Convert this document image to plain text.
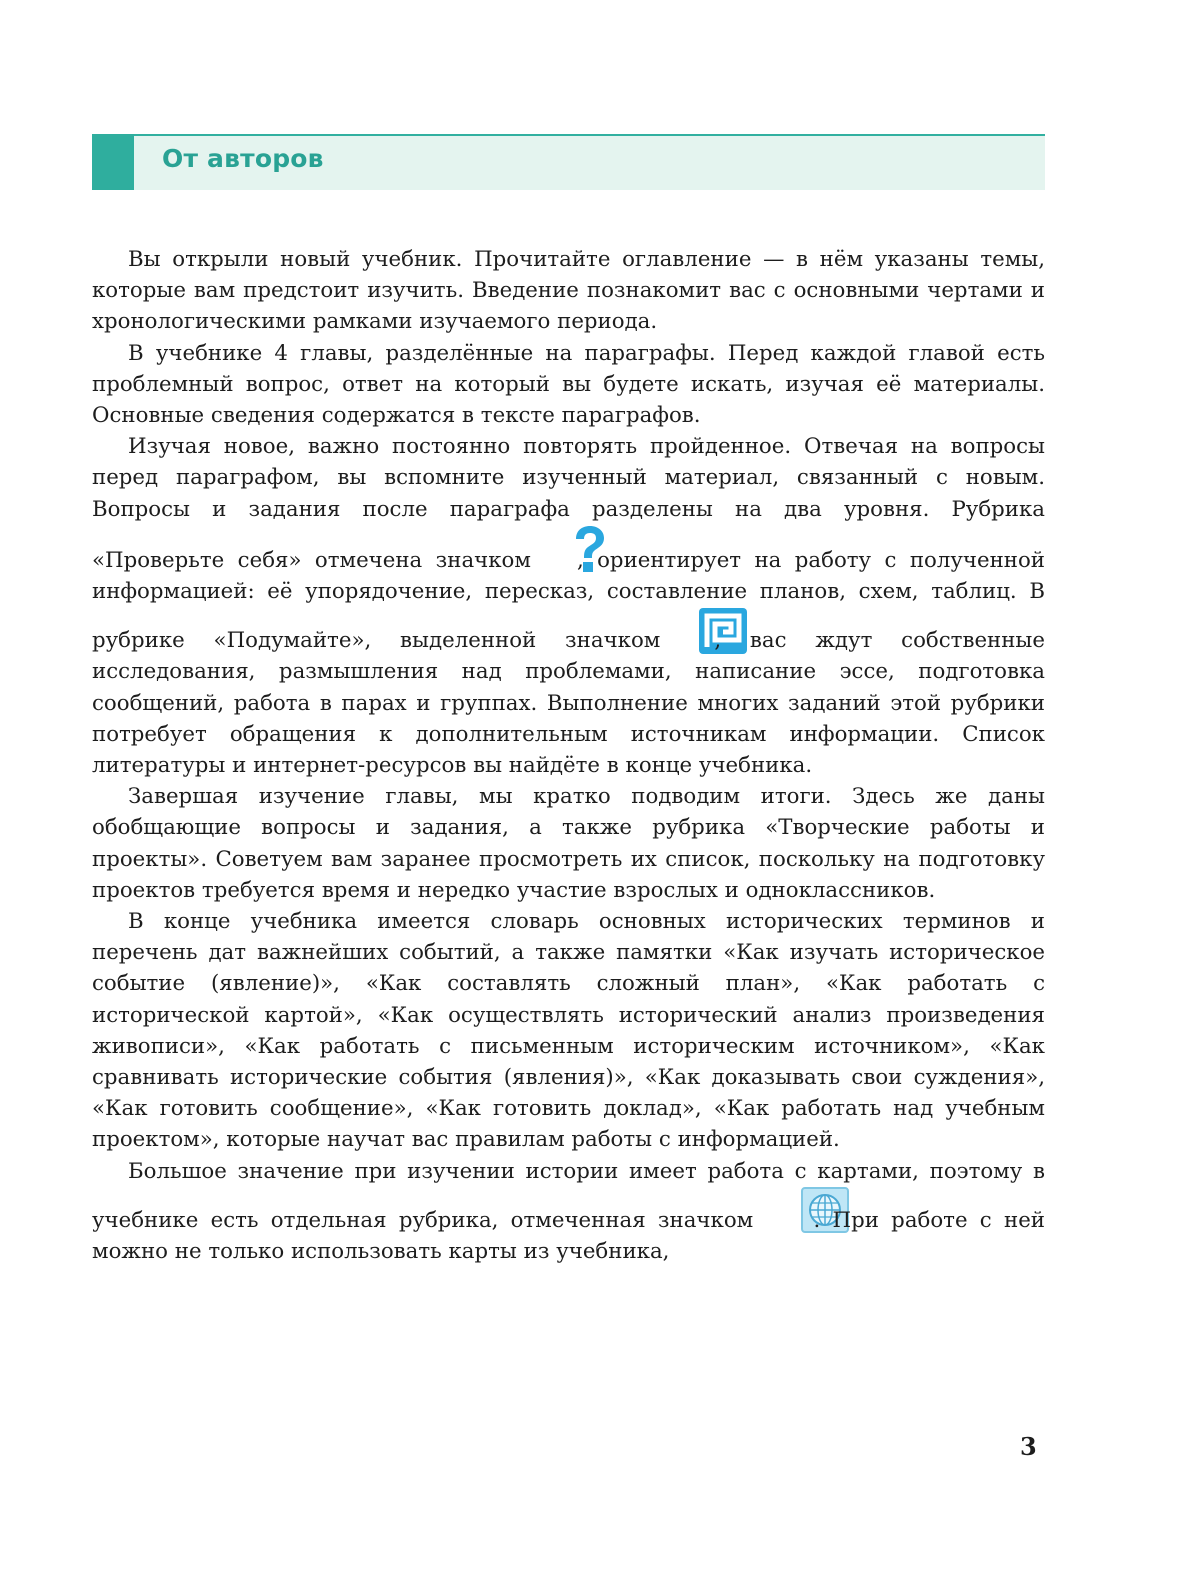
От авторов

Вы открыли новый учебник. Прочитайте оглавление — в нём указаны темы, которые вам предстоит изучить. Введение познакомит вас с основными чертами и хронологическими рамками изучаемого периода.

В учебнике 4 главы, разделённые на параграфы. Перед каждой главой есть проблемный вопрос, ответ на который вы будете искать, изучая её материалы. Основные сведения содержатся в тексте параграфов.

Изучая новое, важно постоянно повторять пройденное. Отвечая на вопросы перед параграфом, вы вспомните изученный материал, связанный с новым. Вопросы и задания после параграфа разделены на два уровня. Рубрика «Проверьте себя» отмечена значком , ориентирует на работу с полученной информацией: её упорядочение, пересказ, составление планов, схем, таблиц. В рубрике «Подумайте», выделенной значком	, вас ждут собственные исследования, размышления над проблемами, написание эссе, подготовка сообщений, работа в парах и группах. Выполнение многих заданий этой рубрики потребует обращения к дополнительным источникам информации. Список литературы и интернет-ресурсов вы найдёте в конце учебника.

Завершая изучение главы, мы кратко подводим итоги. Здесь же даны обобщающие вопросы и задания, а также рубрика «Творческие работы и проекты». Советуем вам заранее просмотреть их список, поскольку на подготовку проектов требуется время и нередко участие взрослых и одноклассников.

В конце учебника имеется словарь основных исторических терминов и перечень дат важнейших событий, а также памятки «Как изучать историческое событие (явление)», «Как составлять сложный план», «Как работать с исторической картой», «Как осуществлять исторический анализ произведения живописи», «Как работать с письменным историческим источником», «Как сравнивать исторические события (явления)», «Как доказывать свои суждения», «Как готовить сообщение», «Как готовить доклад», «Как работать над учебным проектом», которые научат вас правилам работы с информацией.

Большое значение при изучении истории имеет работа с картами, поэтому в учебнике есть отдельная рубрика, отмеченная значком	. При работе с ней можно не только использовать карты из учебника,

3
